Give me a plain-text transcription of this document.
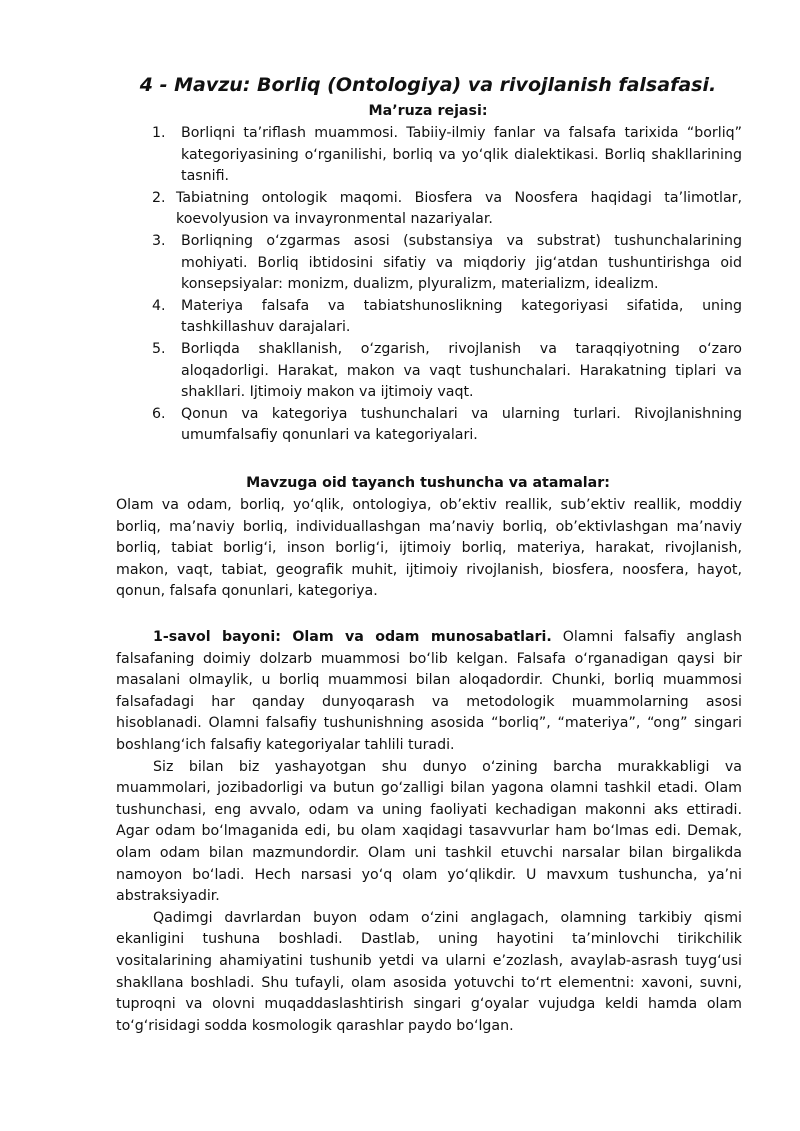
4 - Mavzu: Borliq (Ontologiya) va rivojlanish falsafasi.
Ma’ruza rejasi:
1. Borliqni ta’riflash muammosi. Tabiiy-ilmiy fanlar va falsafa tarixida “borliq” kategoriyasining o‘rganilishi, borliq va yo‘qlik dialektikasi. Borliq shakllarining tasnifi.
2. Tabiatning ontologik maqomi. Biosfera va Noosfera haqidagi ta’limotlar, koevolyusion va invayronmental nazariyalar.
3. Borliqning o‘zgarmas asosi (substansiya va substrat) tushunchalarining mohiyati. Borliq ibtidosini sifatiy va miqdoriy jig‘atdan tushuntirishga oid konsepsiyalar: monizm, dualizm, plyuralizm, materializm, idealizm.
4. Materiya falsafa va tabiatshunoslikning kategoriyasi sifatida, uning tashkillashuv darajalari.
5. Borliqda shakllanish, o‘zgarish, rivojlanish va taraqqiyotning o‘zaro aloqadorligi. Harakat, makon va vaqt tushunchalari. Harakatning tiplari va shakllari. Ijtimoiy makon va ijtimoiy vaqt.
6. Qonun va kategoriya tushunchalari va ularning turlari. Rivojlanishning umumfalsafiy qonunlari va kategoriyalari.
Mavzuga oid tayanch tushuncha va atamalar:

Olam va odam, borliq, yo‘qlik, ontologiya, ob’ektiv reallik, sub’ektiv reallik, moddiy borliq, ma’naviy borliq, individuallashgan ma’naviy borliq, ob’ektivlashgan ma’naviy borliq, tabiat borlig‘i, inson borlig‘i, ijtimoiy borliq, materiya, harakat, rivojlanish, makon, vaqt, tabiat, geografik muhit, ijtimoiy rivojlanish, biosfera, noosfera, hayot, qonun, falsafa qonunlari, kategoriya.

1-savol bayoni: Olam va odam munosabatlari. Olamni falsafiy anglash falsafaning doimiy dolzarb muammosi bo‘lib kelgan. Falsafa o‘rganadigan qaysi bir masalani olmaylik, u borliq muammosi bilan aloqadordir. Chunki, borliq muammosi falsafadagi har qanday dunyoqarash va metodologik muammolarning asosi hisoblanadi. Olamni falsafiy tushunishning asosida “borliq”, “materiya”, “ong” singari boshlang‘ich falsafiy kategoriyalar tahlili turadi.

Siz bilan biz yashayotgan shu dunyo o‘zining barcha murakkabligi va muammolari, jozibadorligi va butun go‘zalligi bilan yagona olamni tashkil etadi. Olam tushunchasi, eng avvalo, odam va uning faoliyati kechadigan makonni aks ettiradi. Agar odam bo‘lmaganida edi, bu olam xaqidagi tasavvurlar ham bo‘lmas edi. Demak, olam odam bilan mazmundordir. Olam uni tashkil etuvchi narsalar bilan birgalikda namoyon bo‘ladi. Hech narsasi yo‘q olam yo‘qlikdir. U mavxum tushuncha, ya’ni abstraksiyadir.

Qadimgi davrlardan buyon odam o‘zini anglagach, olamning tarkibiy qismi ekanligini tushuna boshladi. Dastlab, uning hayotini ta’minlovchi tirikchilik vositalarining ahamiyatini tushunib yetdi va ularni e’zozlash, avaylab-asrash tuyg‘usi shakllana boshladi. Shu tufayli, olam asosida yotuvchi to‘rt elementni: xavoni, suvni, tuproqni va olovni muqaddaslashtirish singari g‘oyalar vujudga keldi hamda olam to‘g‘risidagi sodda kosmologik qarashlar paydo bo‘lgan.
